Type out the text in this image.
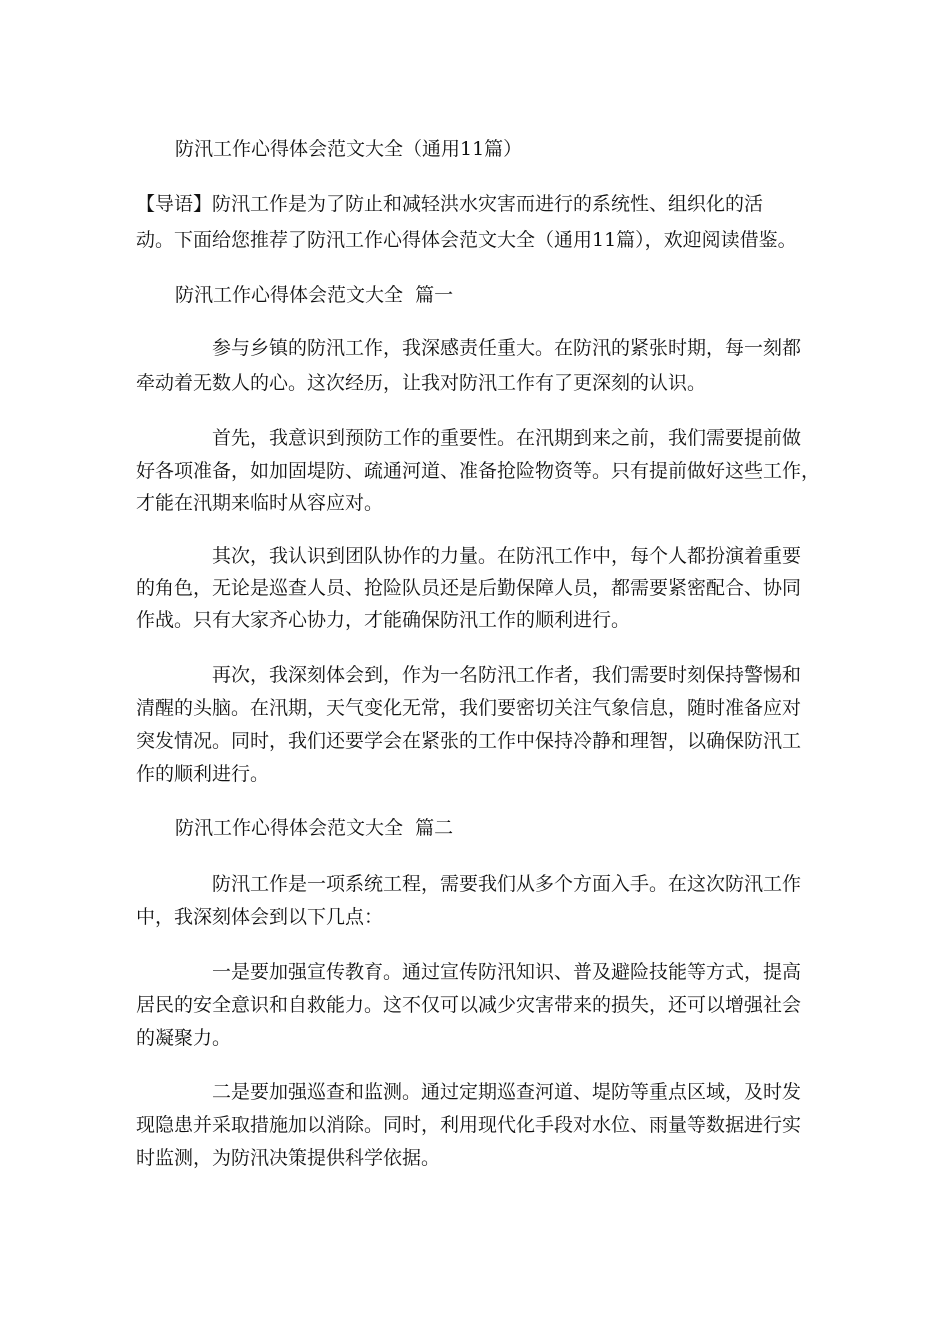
防汛工作心得体会范文大全（通用11篇）
【导语】防汛工作是为了防止和减轻洪水灾害而进行的系统性、组织化的活
动。下面给您推荐了防汛工作心得体会范文大全（通用11篇），欢迎阅读借鉴。
防汛工作心得体会范文大全  篇一
参与乡镇的防汛工作，我深感责任重大。在防汛的紧张时期，每一刻都
牵动着无数人的心。这次经历，让我对防汛工作有了更深刻的认识。
首先，我意识到预防工作的重要性。在汛期到来之前，我们需要提前做
好各项准备，如加固堤防、疏通河道、准备抢险物资等。只有提前做好这些工作，
才能在汛期来临时从容应对。
其次，我认识到团队协作的力量。在防汛工作中，每个人都扮演着重要
的角色，无论是巡查人员、抢险队员还是后勤保障人员，都需要紧密配合、协同
作战。只有大家齐心协力，才能确保防汛工作的顺利进行。
再次，我深刻体会到，作为一名防汛工作者，我们需要时刻保持警惕和
清醒的头脑。在汛期，天气变化无常，我们要密切关注气象信息，随时准备应对
突发情况。同时，我们还要学会在紧张的工作中保持冷静和理智，以确保防汛工
作的顺利进行。
防汛工作心得体会范文大全  篇二
防汛工作是一项系统工程，需要我们从多个方面入手。在这次防汛工作
中，我深刻体会到以下几点：
一是要加强宣传教育。通过宣传防汛知识、普及避险技能等方式，提高
居民的安全意识和自救能力。这不仅可以减少灾害带来的损失，还可以增强社会
的凝聚力。
二是要加强巡查和监测。通过定期巡查河道、堤防等重点区域，及时发
现隐患并采取措施加以消除。同时，利用现代化手段对水位、雨量等数据进行实
时监测，为防汛决策提供科学依据。
